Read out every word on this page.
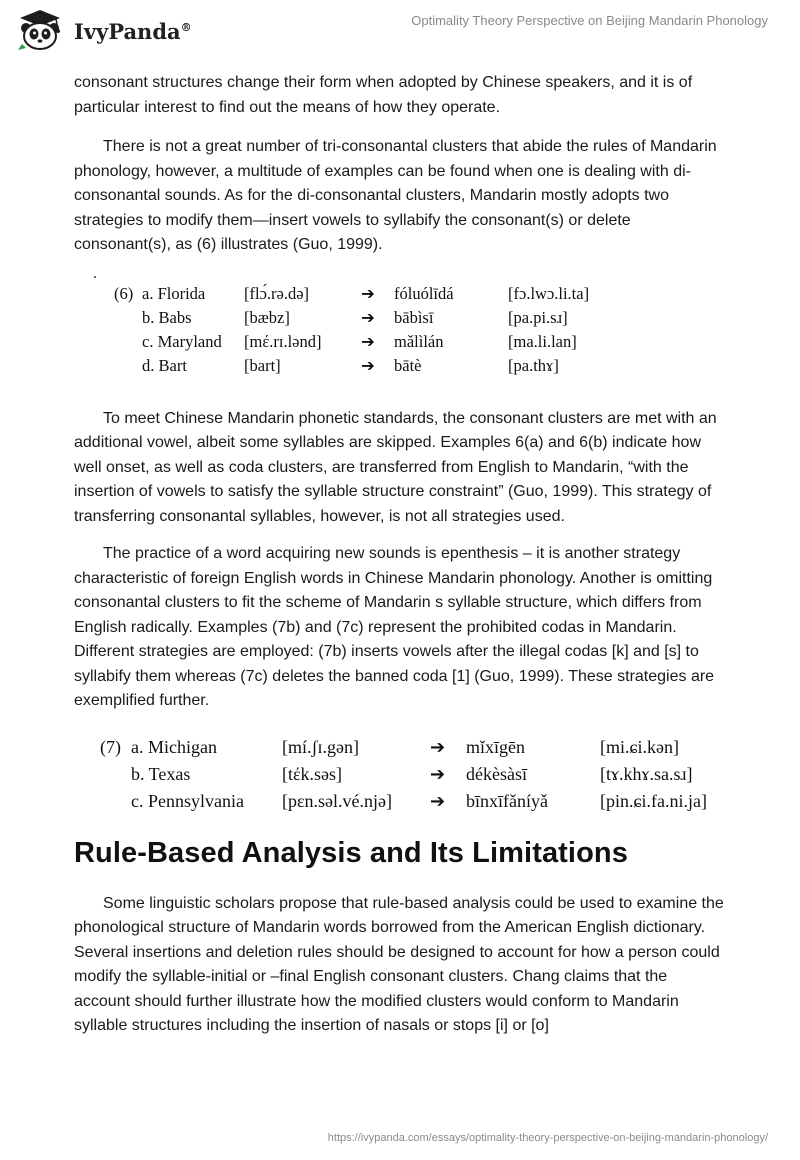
IvyPanda®	Optimality Theory Perspective on Beijing Mandarin Phonology

consonant structures change their form when adopted by Chinese speakers, and it is of particular interest to find out the means of how they operate.

There is not a great number of tri-consonantal clusters that abide the rules of Mandarin phonology, however, a multitude of examples can be found when one is dealing with di-consonantal sounds. As for the di-consonantal clusters, Mandarin mostly adopts two strategies to modify them—insert vowels to syllabify the consonant(s) or delete consonant(s), as (6) illustrates (Guo, 1999).

(6) a. Florida [flɔ́.rə.də]	➔ fóluólīdá	[fɔ.lwɔ.li.ta]
b. Babs	[bæbz]	➔ bābìsī	[pa.pi.sɹ]
c. Maryland [mέ.rɪ.lənd] ➔ mǎlìlán	[ma.li.lan]
d. Bart	[bart]	➔ bātè	[pa.thɤ]

To meet Chinese Mandarin phonetic standards, the consonant clusters are met with an additional vowel, albeit some syllables are skipped. Examples 6(a) and 6(b) indicate how well onset, as well as coda clusters, are transferred from English to Mandarin, “with the insertion of vowels to satisfy the syllable structure constraint” (Guo, 1999). This strategy of transferring consonantal syllables, however, is not all strategies used.

The practice of a word acquiring new sounds is epenthesis – it is another strategy characteristic of foreign English words in Chinese Mandarin phonology. Another is omitting consonantal clusters to fit the scheme of Mandarin s syllable structure, which differs from English radically. Examples (7b) and (7c) represent the prohibited codas in Mandarin. Different strategies are employed: (7b) inserts vowels after the illegal codas [k] and [s] to syllabify them whereas (7c) deletes the banned coda [1] (Guo, 1999). These strategies are exemplified further.

(7) a. Michigan	[mí.ʃɪ.gən]	➔ mǐxīgēn	[mi.ɕi.kən]
b. Texas	[tέk.səs]	➔ dékèsàsī	[tɤ.khɤ.sa.sɹ]
c. Pennsylvania [pɛn.səl.vé.njə] ➔ bīnxīfǎníyǎ	[pin.ɕi.fa.ni.ja]
Rule-Based Analysis and Its Limitations

Some linguistic scholars propose that rule-based analysis could be used to examine the phonological structure of Mandarin words borrowed from the American English dictionary. Several insertions and deletion rules should be designed to account for how a person could modify the syllable-initial or –final English consonant clusters. Chang claims that the account should further illustrate how the modified clusters would conform to Mandarin syllable structures including the insertion of nasals or stops [i] or [o]

https://ivypanda.com/essays/optimality-theory-perspective-on-beijing-mandarin-phonology/
